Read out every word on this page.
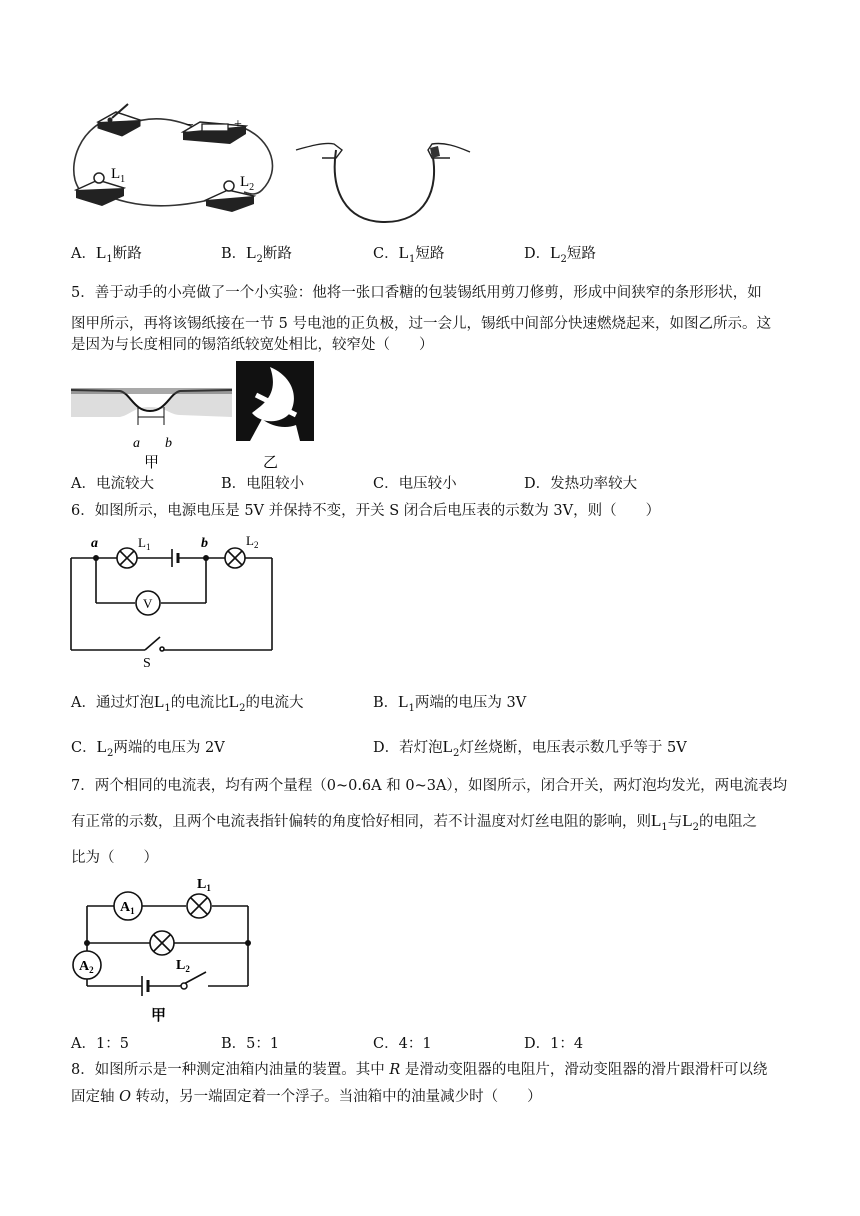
−	+
$L_1$	$L_2$
A．$L_1$断路	B．$L_2$断路	C．$L_1$短路	D．$L_2$短路
5．善于动手的小亮做了一个小实验：他将一张口香糖的包装锡纸用剪刀修剪，形成中间狭窄的条形形状，如
图甲所示，再将该锡纸接在一节 5 号电池的正负极，过一会儿，锡纸中间部分快速燃烧起来，如图乙所示。这
是因为与长度相同的锡箔纸较宽处相比，较窄处（　　）
a b
甲	乙
A．电流较大	B．电阻较小	C．电压较小	D．发热功率较大
6．如图所示，电源电压是 5V 并保持不变，开关 S 闭合后电压表的示数为 3V，则（　　）
a	b
$L_1$	$L_2$
V
S
A．通过灯泡$L_1$的电流比$L_2$的电流大	B．$L_1$两端的电压为 3V
C．$L_2$两端的电压为 2V	D．若灯泡$L_2$灯丝烧断，电压表示数几乎等于 5V
7．两个相同的电流表，均有两个量程（0~0.6A 和 0~3A），如图所示，闭合开关，两灯泡均发光，两电流表均
有正常的示数，且两个电流表指针偏转的角度恰好相同，若不计温度对灯丝电阻的影响，则$L_1$与$L_2$的电阻之
比为（　　）
$A_1$
$A_2$
$L_1$
$L_2$
甲
A．1：5	B．5：1	C．4：1	D．1：4
8．如图所示是一种测定油箱内油量的装置。其中 R 是滑动变阻器的电阻片，滑动变阻器的滑片跟滑杆可以绕
固定轴 O 转动，另一端固定着一个浮子。当油箱中的油量减少时（　　）
